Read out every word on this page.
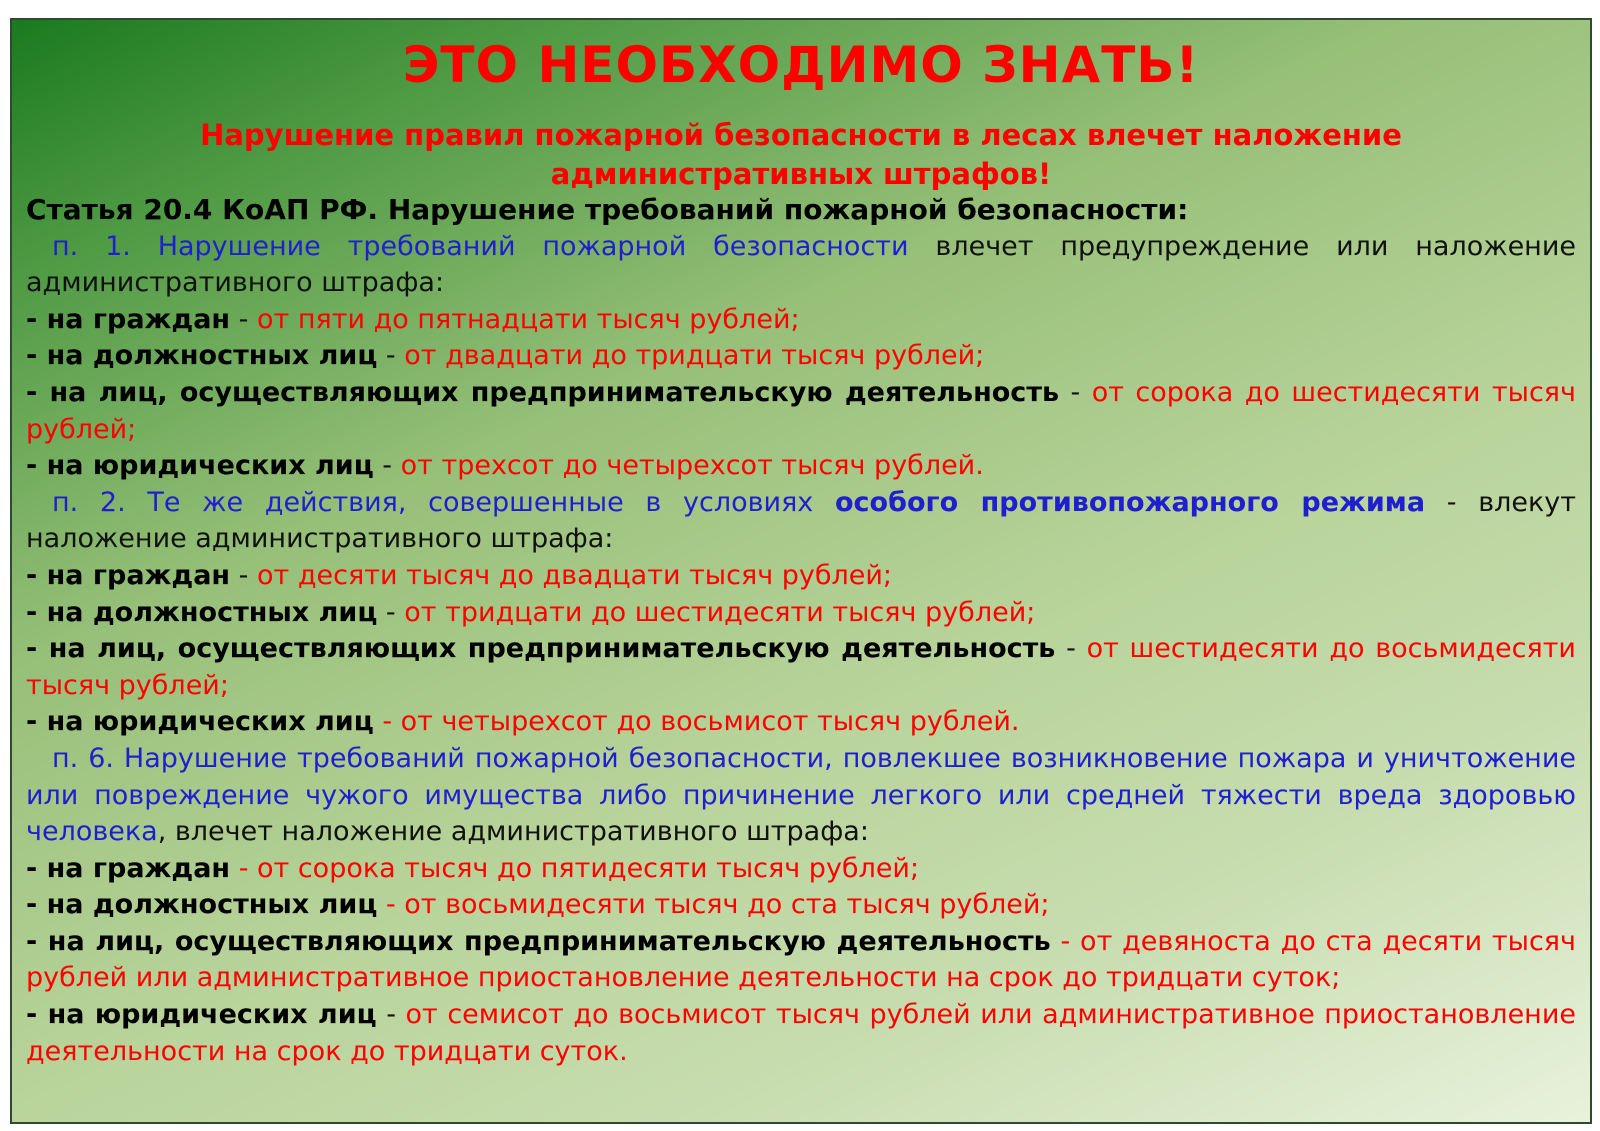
ЭТО НЕОБХОДИМО ЗНАТЬ!
Нарушение правил пожарной безопасности в лесах влечет наложение
административных штрафов!

Статья 20.4 КоАП РФ. Нарушение требований пожарной безопасности:

п. 1. Нарушение требований пожарной безопасности влечет предупреждение или наложение административного штрафа:

- на граждан - от пяти до пятнадцати тысяч рублей;

- на должностных лиц - от двадцати до тридцати тысяч рублей;

- на лиц, осуществляющих предпринимательскую деятельность - от сорока до шестидесяти тысяч рублей;

- на юридических лиц - от трехсот до четырехсот тысяч рублей.

п. 2. Те же действия, совершенные в условиях особого противопожарного режима - влекут наложение административного штрафа:

- на граждан - от десяти тысяч до двадцати тысяч рублей;

- на должностных лиц - от тридцати до шестидесяти тысяч рублей;

- на лиц, осуществляющих предпринимательскую деятельность - от шестидесяти до восьмидесяти тысяч рублей;

- на юридических лиц - от четырехсот до восьмисот тысяч рублей.

п. 6. Нарушение требований пожарной безопасности, повлекшее возникновение пожара и уничтожение или повреждение чужого имущества либо причинение легкого или средней тяжести вреда здоровью человека, влечет наложение административного штрафа:

- на граждан - от сорока тысяч до пятидесяти тысяч рублей;

- на должностных лиц - от восьмидесяти тысяч до ста тысяч рублей;

- на лиц, осуществляющих предпринимательскую деятельность - от девяноста до ста десяти тысяч рублей или административное приостановление деятельности на срок до тридцати суток;

- на юридических лиц - от семисот до восьмисот тысяч рублей или административное приостановление деятельности на срок до тридцати суток.
